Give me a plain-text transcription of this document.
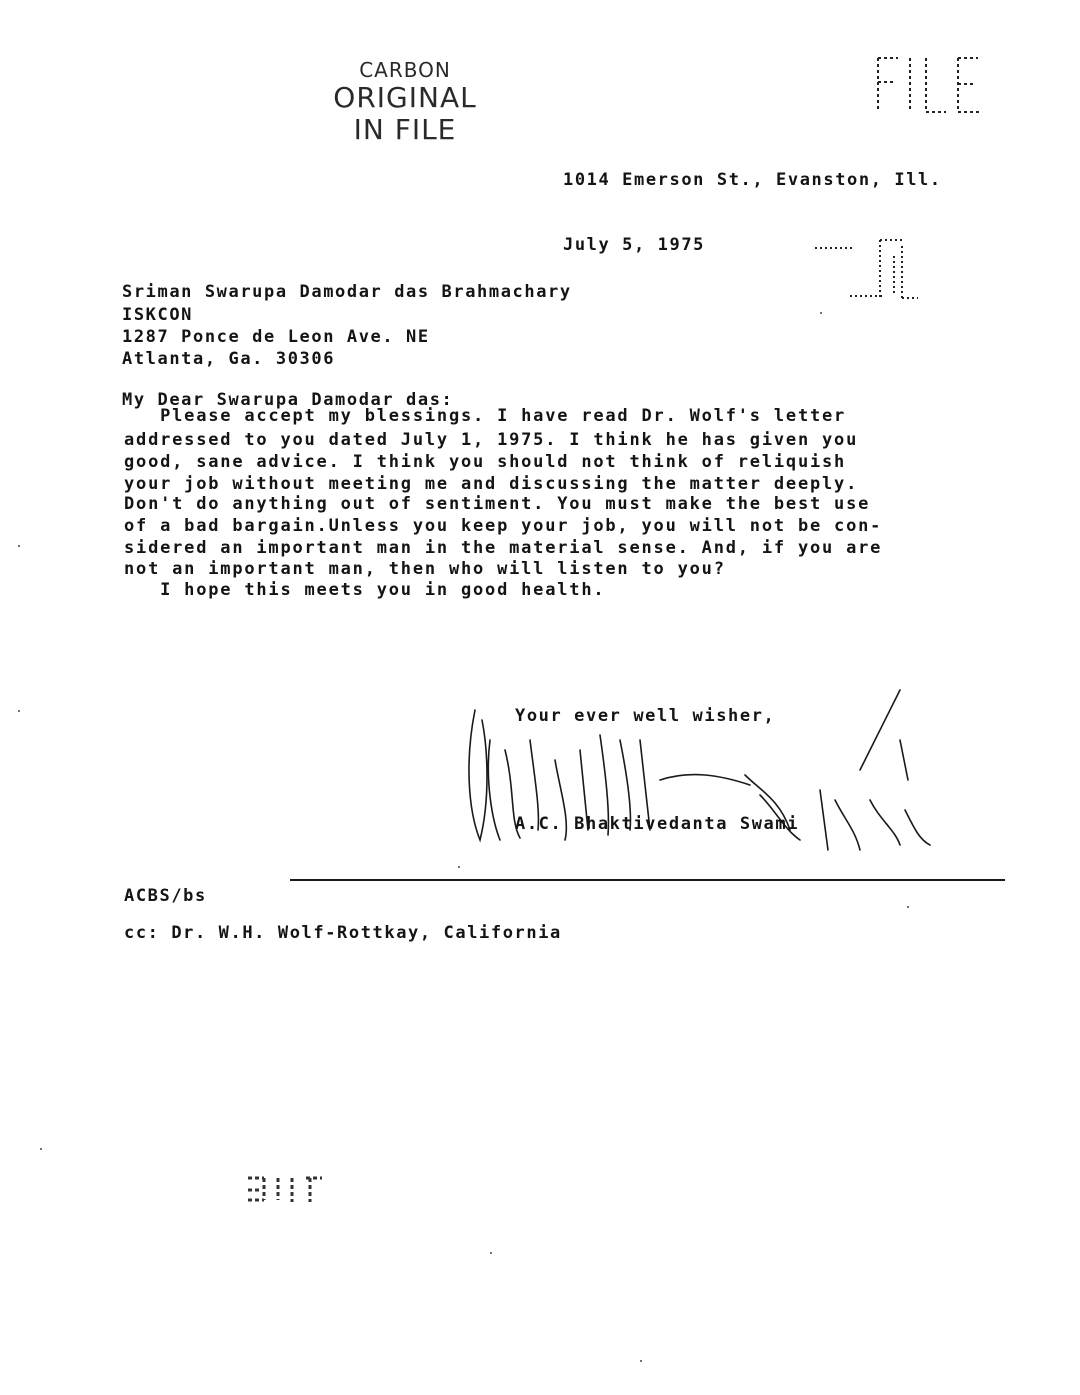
CARBON
ORIGINAL
IN FILE
1014 Emerson St., Evanston, Ill.
July 5, 1975
Sriman Swarupa Damodar das Brahmachary
ISKCON
1287 Ponce de Leon Ave. NE
Atlanta, Ga. 30306
My Dear Swarupa Damodar das:
Please accept my blessings. I have read Dr. Wolf's letter
addressed to you dated July 1, 1975. I think he has given you
good, sane advice. I think you should not think of reliquish
your job without meeting me and discussing the matter deeply.
Don't do anything out of sentiment. You must make the best use
of a bad bargain.Unless you keep your job, you will not be con-
sidered an important man in the material sense. And, if you are
not an important man, then who will listen to you?
I hope this meets you in good health.
Your ever well wisher,
A.C. Bhaktivedanta Swami
ACBS/bs
cc: Dr. W.H. Wolf-Rottkay, California
